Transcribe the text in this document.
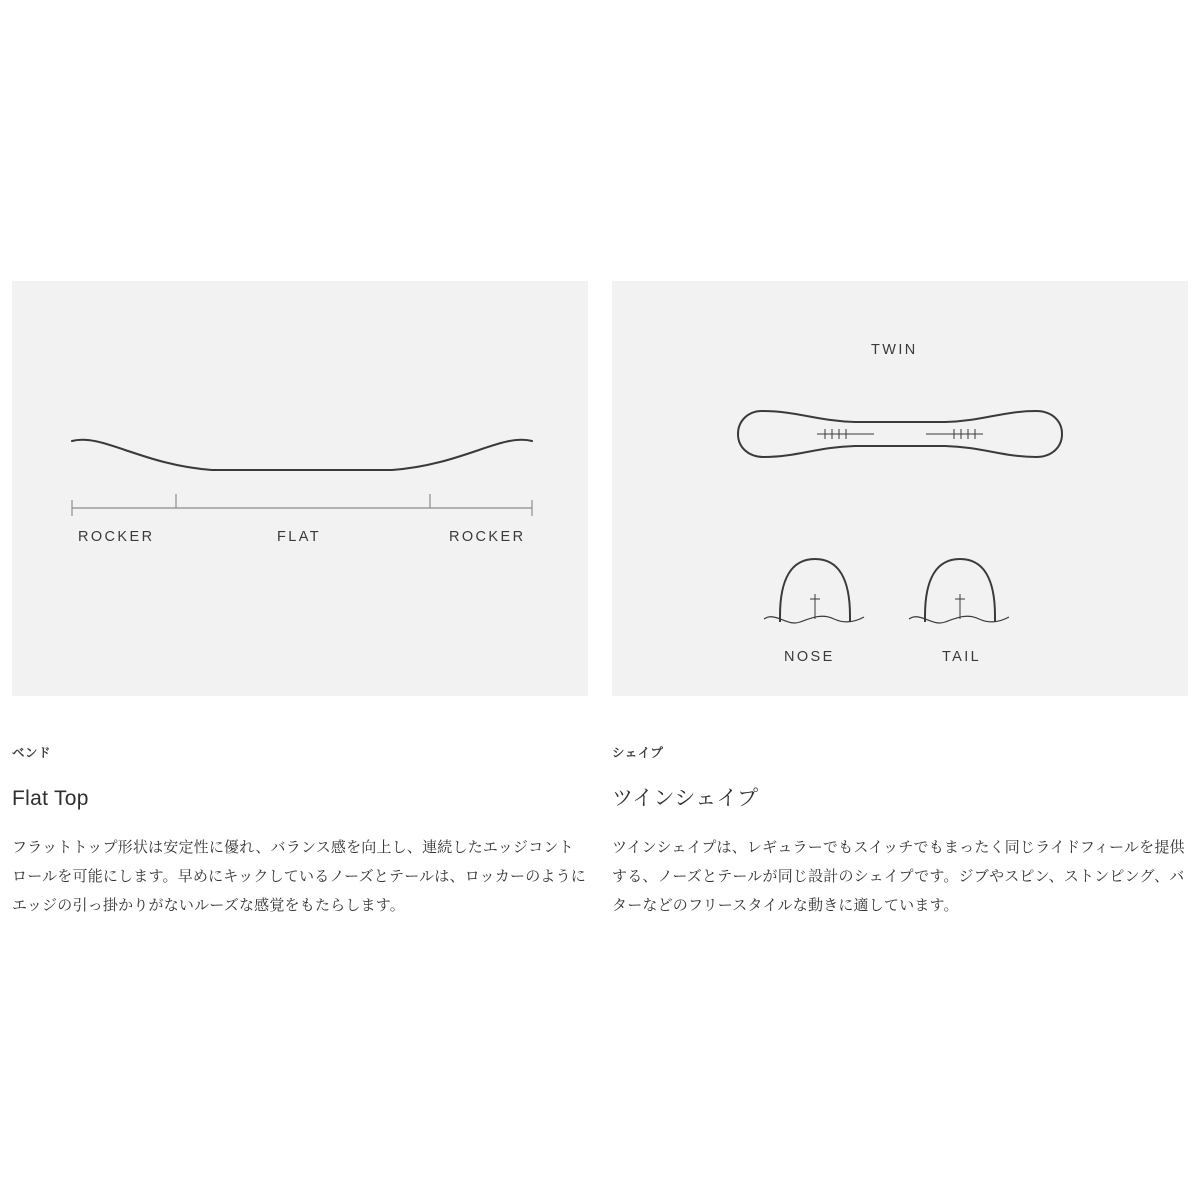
ROCKER	FLAT	ROCKER
ベンド
Flat Top

フラットトップ形状は安定性に優れ、バランス感を向上し、連続したエッジコントロールを可能にします。早めにキックしているノーズとテールは、ロッカーのようにエッジの引っ掛かりがないルーズな感覚をもたらします。

TWIN
NOSE	TAIL
シェイプ
ツインシェイプ

ツインシェイプは、レギュラーでもスイッチでもまったく同じライドフィールを提供する、ノーズとテールが同じ設計のシェイプです。ジブやスピン、ストンピング、バターなどのフリースタイルな動きに適しています。
